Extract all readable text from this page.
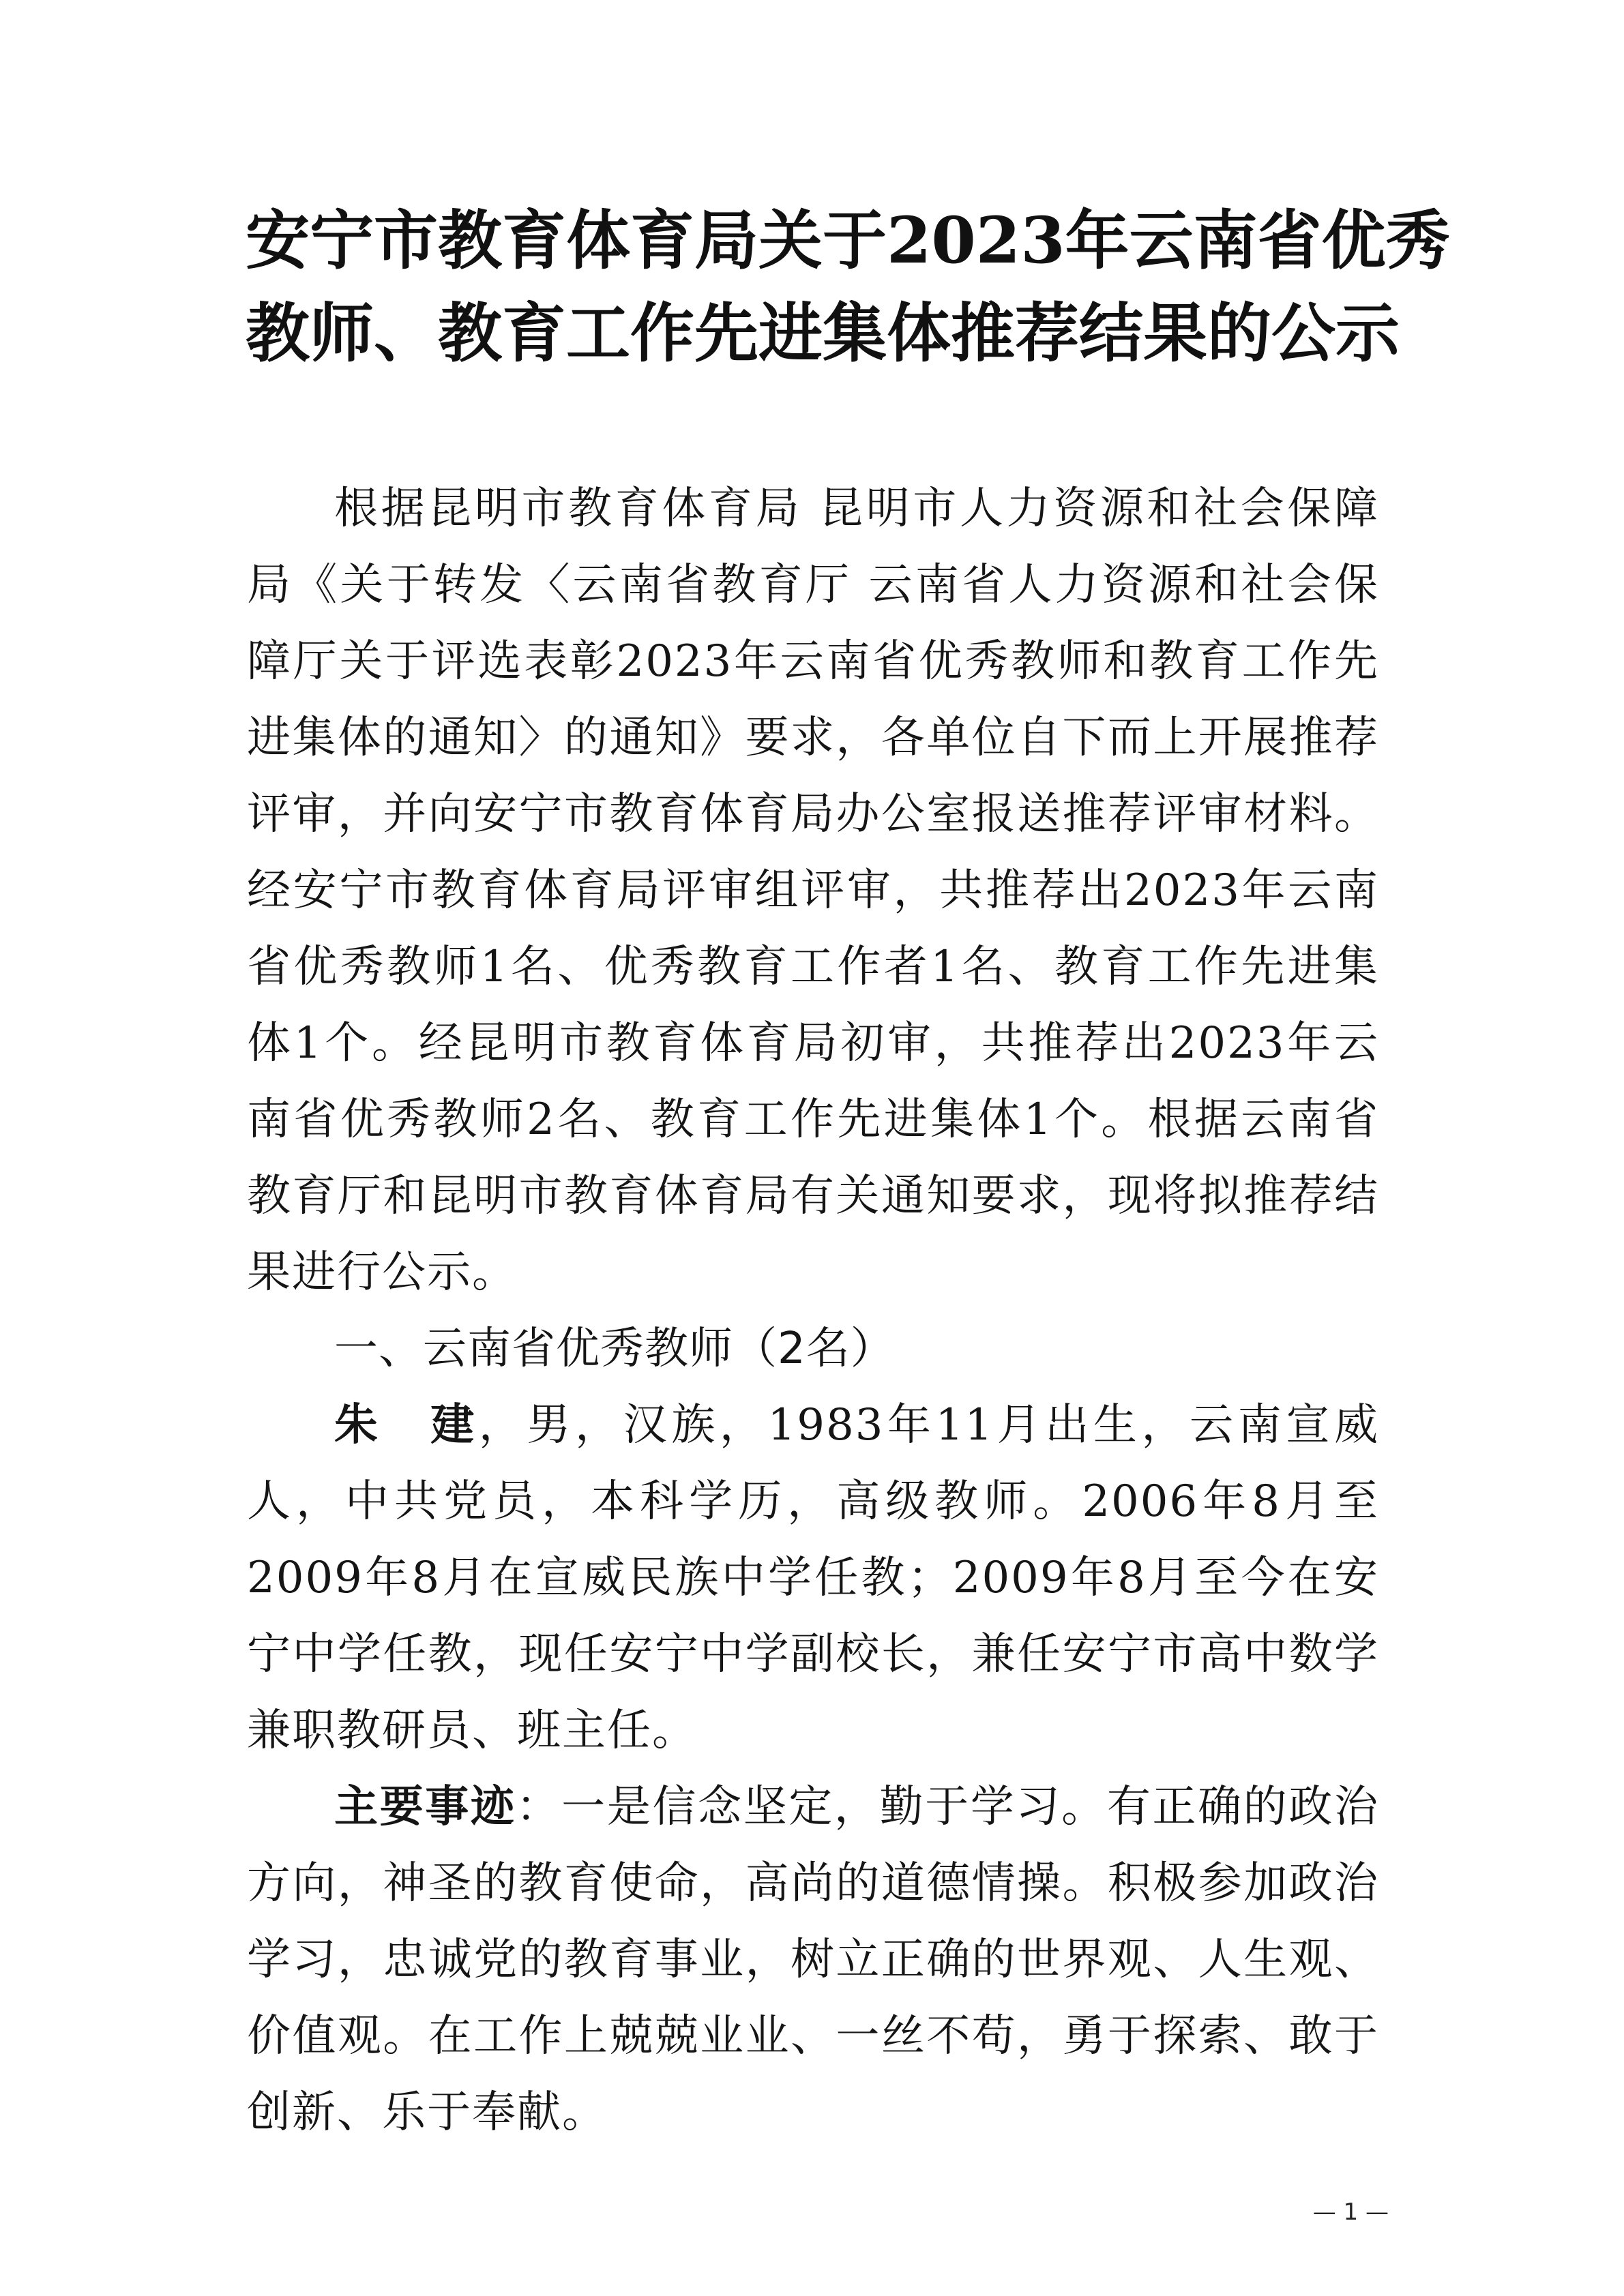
安宁市教育体育局关于2023年云南省优秀
教师、教育工作先进集体推荐结果的公示

根据昆明市教育体育局 昆明市人力资源和社会保障局《关于转发〈云南省教育厅 云南省人力资源和社会保障厅关于评选表彰2023年云南省优秀教师和教育工作先进集体的通知〉的通知》要求，各单位自下而上开展推荐评审，并向安宁市教育体育局办公室报送推荐评审材料。经安宁市教育体育局评审组评审，共推荐出2023年云南省优秀教师1名、优秀教育工作者1名、教育工作先进集体1个。经昆明市教育体育局初审，共推荐出2023年云南省优秀教师2名、教育工作先进集体1个。根据云南省教育厅和昆明市教育体育局有关通知要求，现将拟推荐结果进行公示。

一、云南省优秀教师（2名）

朱　建，男，汉族，1983年11月出生，云南宣威人，中共党员，本科学历，高级教师。2006年8月至2009年8月在宣威民族中学任教；2009年8月至今在安宁中学任教，现任安宁中学副校长，兼任安宁市高中数学兼职教研员、班主任。

主要事迹：一是信念坚定，勤于学习。有正确的政治方向，神圣的教育使命，高尚的道德情操。积极参加政治学习，忠诚党的教育事业，树立正确的世界观、人生观、价值观。在工作上兢兢业业、一丝不苟，勇于探索、敢于创新、乐于奉献。

— 1 —
